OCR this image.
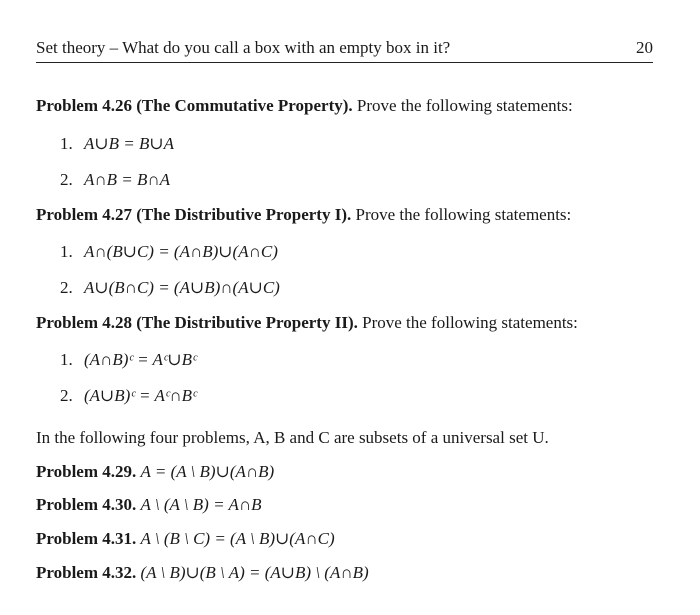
Set theory – What do you call a box with an empty box in it?	20
Problem 4.26 (The Commutative Property). Prove the following statements:
1. A∪B = B∪A
2. A∩B = B∩A
Problem 4.27 (The Distributive Property I). Prove the following statements:
1. A∩(B∪C) = (A∩B)∪(A∩C)
2. A∪(B∩C) = (A∪B)∩(A∪C)
Problem 4.28 (The Distributive Property II). Prove the following statements:
1. (A∩B)ᶜ = Aᶜ∪Bᶜ
2. (A∪B)ᶜ = Aᶜ∩Bᶜ
In the following four problems, A, B and C are subsets of a universal set U.
Problem 4.29. A = (A \ B)∪(A∩B)
Problem 4.30. A \ (A \ B) = A∩B
Problem 4.31. A \ (B \ C) = (A \ B)∪(A∩C)
Problem 4.32. (A \ B)∪(B \ A) = (A∪B) \ (A∩B)
